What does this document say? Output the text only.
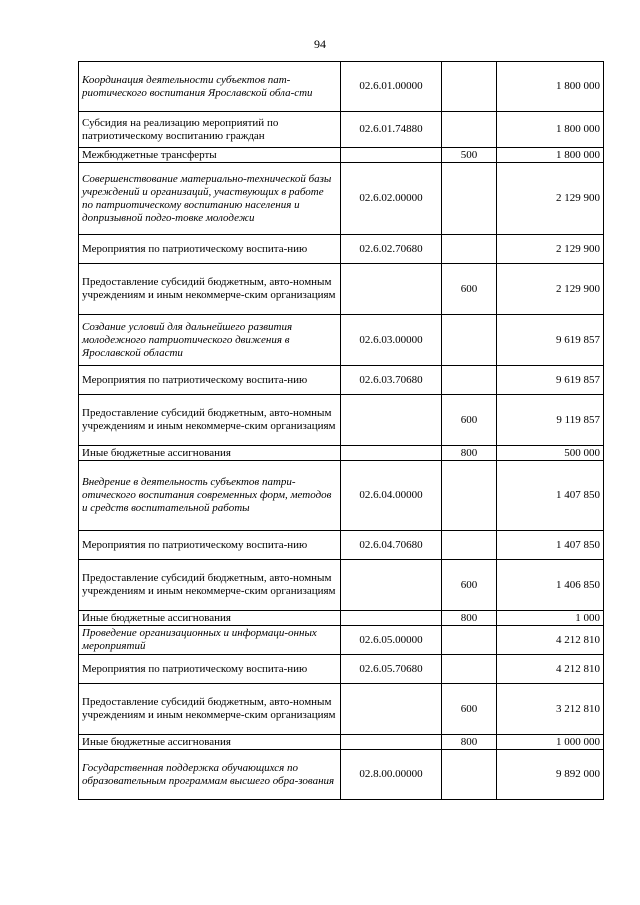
94
Координация деятельности субъектов пат-риотического воспитания Ярославской обла-сти	02.6.01.00000		1 800 000
Субсидия на реализацию мероприятий по патриотическому воспитанию граждан	02.6.01.74880		1 800 000
Межбюджетные трансферты		500	1 800 000
Совершенствование материально-технической базы учреждений и организаций, участвующих в работе по патриотическому воспитанию населения и допризывной подго-товке молодежи	02.6.02.00000		2 129 900
Мероприятия по патриотическому воспита-нию	02.6.02.70680		2 129 900
Предоставление субсидий бюджетным, авто-номным учреждениям и иным некоммерче-ским организациям		600	2 129 900
Создание условий для дальнейшего развития молодежного патриотического движения в Ярославской области	02.6.03.00000		9 619 857
Мероприятия по патриотическому воспита-нию	02.6.03.70680		9 619 857
Предоставление субсидий бюджетным, авто-номным учреждениям и иным некоммерче-ским организациям		600	9 119 857
Иные бюджетные ассигнования		800	500 000
Внедрение в деятельность субъектов патри-отического воспитания современных форм, методов и средств воспитательной работы	02.6.04.00000		1 407 850
Мероприятия по патриотическому воспита-нию	02.6.04.70680		1 407 850
Предоставление субсидий бюджетным, авто-номным учреждениям и иным некоммерче-ским организациям		600	1 406 850
Иные бюджетные ассигнования		800	1 000
Проведение организационных и информаци-онных мероприятий	02.6.05.00000		4 212 810
Мероприятия по патриотическому воспита-нию	02.6.05.70680		4 212 810
Предоставление субсидий бюджетным, авто-номным учреждениям и иным некоммерче-ским организациям		600	3 212 810
Иные бюджетные ассигнования		800	1 000 000
Государственная поддержка обучающихся по образовательным программам высшего обра-зования	02.8.00.00000		9 892 000
